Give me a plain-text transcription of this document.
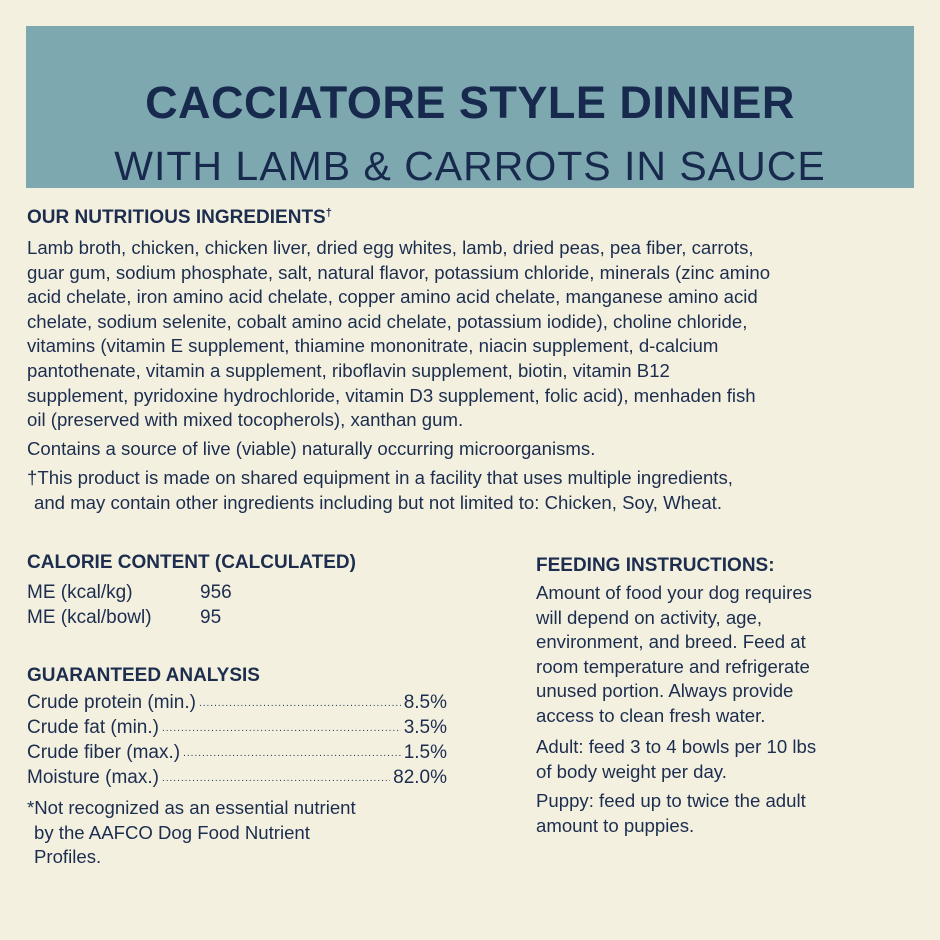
CACCIATORE STYLE DINNER
WITH LAMB & CARROTS IN SAUCE
OUR NUTRITIOUS INGREDIENTS†
Lamb broth, chicken, chicken liver, dried egg whites, lamb, dried peas, pea fiber, carrots,
guar gum, sodium phosphate, salt, natural flavor, potassium chloride, minerals (zinc amino
acid chelate, iron amino acid chelate, copper amino acid chelate, manganese amino acid
chelate, sodium selenite, cobalt amino acid chelate, potassium iodide), choline chloride,
vitamins (vitamin E supplement, thiamine mononitrate, niacin supplement, d-calcium
pantothenate, vitamin a supplement, riboflavin supplement, biotin, vitamin B12
supplement, pyridoxine hydrochloride, vitamin D3 supplement, folic acid), menhaden fish
oil (preserved with mixed tocopherols), xanthan gum.
Contains a source of live (viable) naturally occurring microorganisms.
†This product is made on shared equipment in a facility that uses multiple ingredients,
and may contain other ingredients including but not limited to: Chicken, Soy, Wheat.
CALORIE CONTENT (CALCULATED)
ME (kcal/kg)	956
ME (kcal/bowl)	95
GUARANTEED ANALYSIS
Crude protein (min.) .....	8.5%
Crude fat (min.) .....	3.5%
Crude fiber (max.) .....	1.5%
Moisture (max.) .....	82.0%
*Not recognized as an essential nutrient
by the AAFCO Dog Food Nutrient
Profiles.
FEEDING INSTRUCTIONS:
Amount of food your dog requires
will depend on activity, age,
environment, and breed. Feed at
room temperature and refrigerate
unused portion. Always provide
access to clean fresh water.
Adult: feed 3 to 4 bowls per 10 lbs
of body weight per day.
Puppy: feed up to twice the adult
amount to puppies.
